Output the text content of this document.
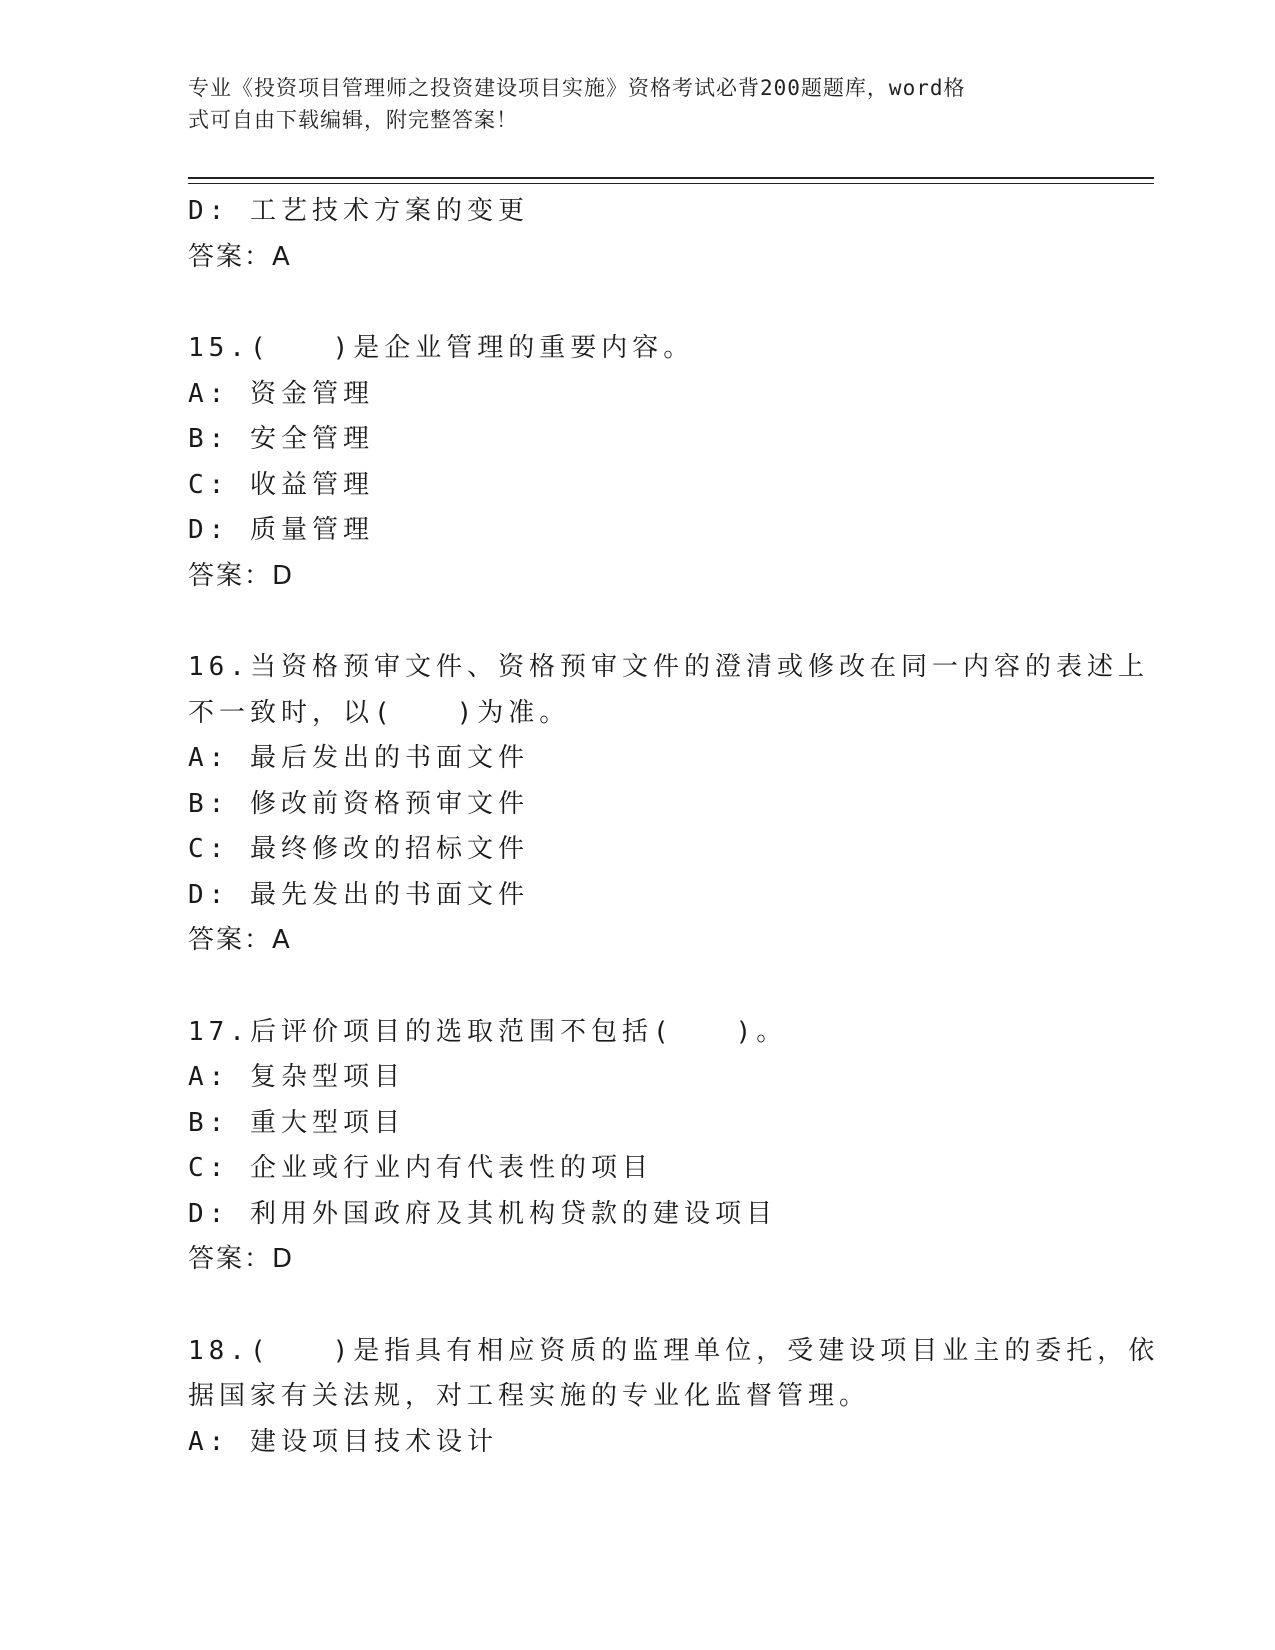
专业《投资项目管理师之投资建设项目实施》资格考试必背200题题库，word格
式可自由下载编辑，附完整答案！
D: 工艺技术方案的变更
答案：A
15.(　　)是企业管理的重要内容。
A: 资金管理
B: 安全管理
C: 收益管理
D: 质量管理
答案：D
16.当资格预审文件、资格预审文件的澄清或修改在同一内容的表述上
不一致时，以(　　)为准。
A: 最后发出的书面文件
B: 修改前资格预审文件
C: 最终修改的招标文件
D: 最先发出的书面文件
答案：A
17.后评价项目的选取范围不包括(　　)。
A: 复杂型项目
B: 重大型项目
C: 企业或行业内有代表性的项目
D: 利用外国政府及其机构贷款的建设项目
答案：D
18.(　　)是指具有相应资质的监理单位，受建设项目业主的委托，依
据国家有关法规，对工程实施的专业化监督管理。
A: 建设项目技术设计
